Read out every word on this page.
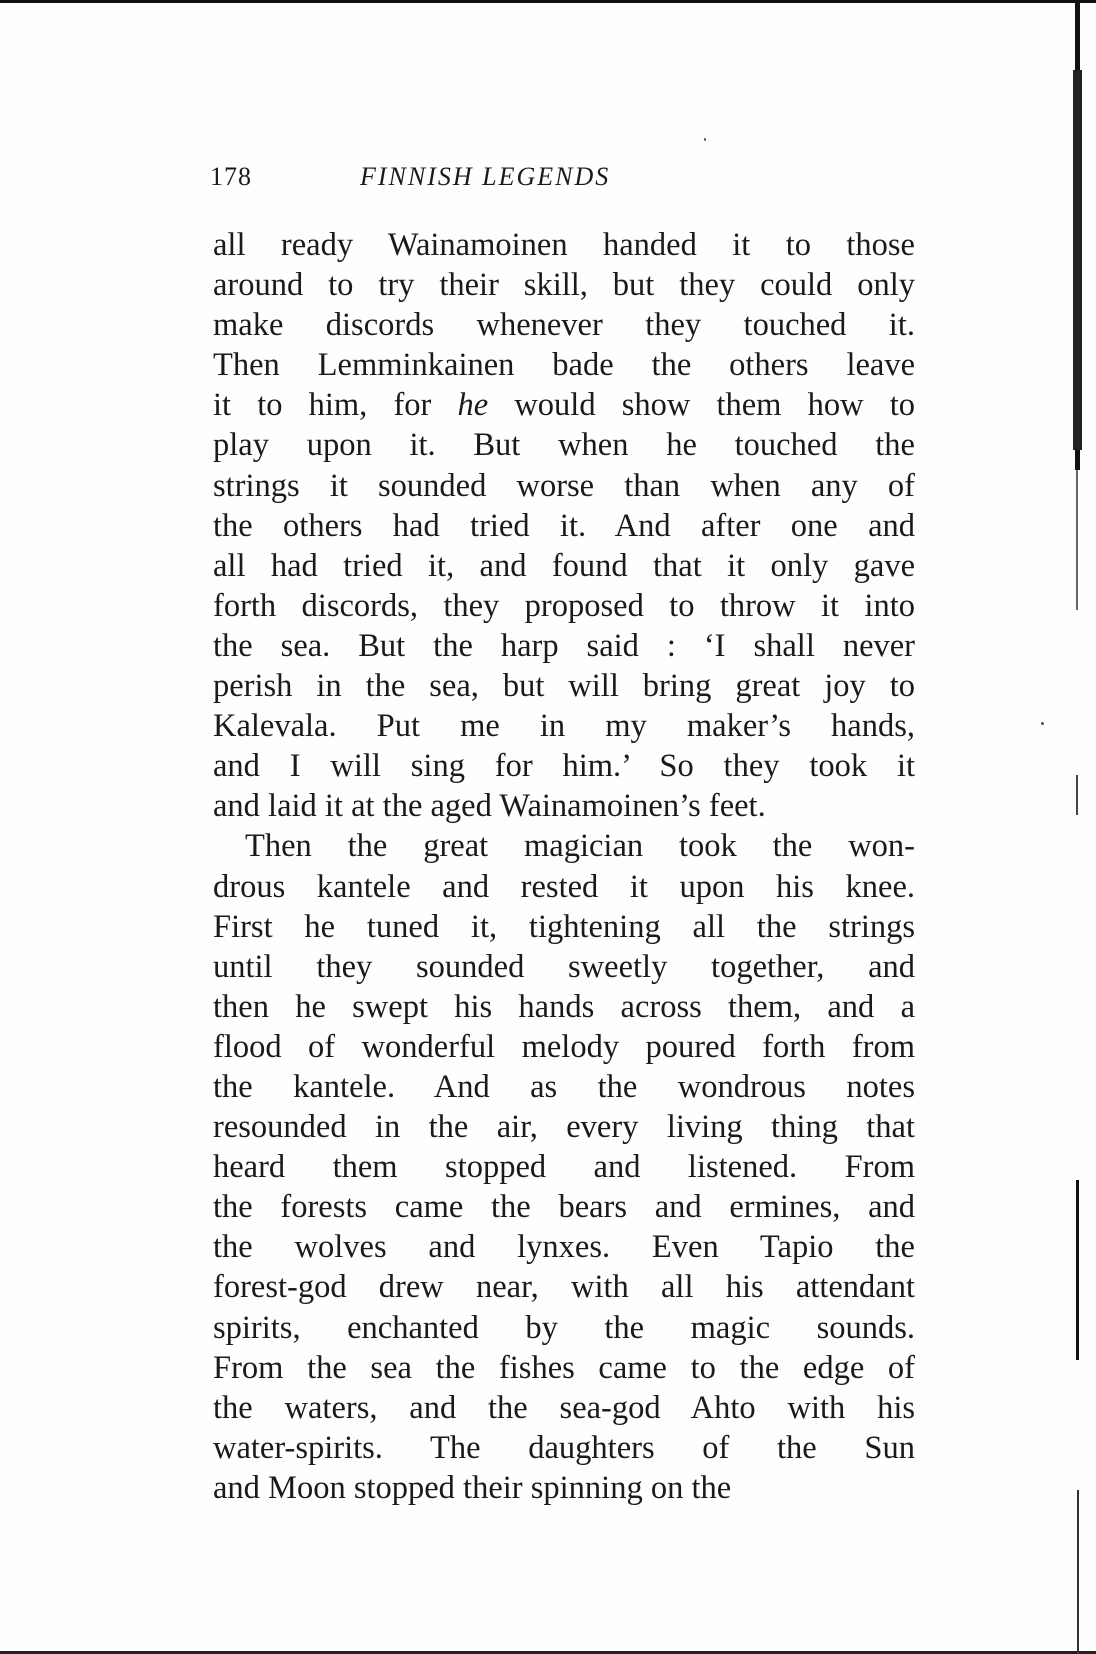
178	FINNISH LEGENDS
all ready Wainamoinen handed it to those
around to try their skill, but they could only
make discords whenever they touched it.
Then Lemminkainen bade the others leave
it to him, for he would show them how to
play upon it. But when he touched the
strings it sounded worse than when any of
the others had tried it. And after one and
all had tried it, and found that it only gave
forth discords, they proposed to throw it into
the sea. But the harp said : ‘I shall never
perish in the sea, but will bring great joy to
Kalevala. Put me in my maker’s hands,
and I will sing for him.’ So they took it
and laid it at the aged Wainamoinen’s feet.
Then the great magician took the won-
drous kantele and rested it upon his knee.
First he tuned it, tightening all the strings
until they sounded sweetly together, and
then he swept his hands across them, and a
flood of wonderful melody poured forth from
the kantele. And as the wondrous notes
resounded in the air, every living thing that
heard them stopped and listened. From
the forests came the bears and ermines, and
the wolves and lynxes. Even Tapio the
forest-god drew near, with all his attendant
spirits, enchanted by the magic sounds.
From the sea the fishes came to the edge of
the waters, and the sea-god Ahto with his
water-spirits. The daughters of the Sun
and Moon stopped their spinning on the
